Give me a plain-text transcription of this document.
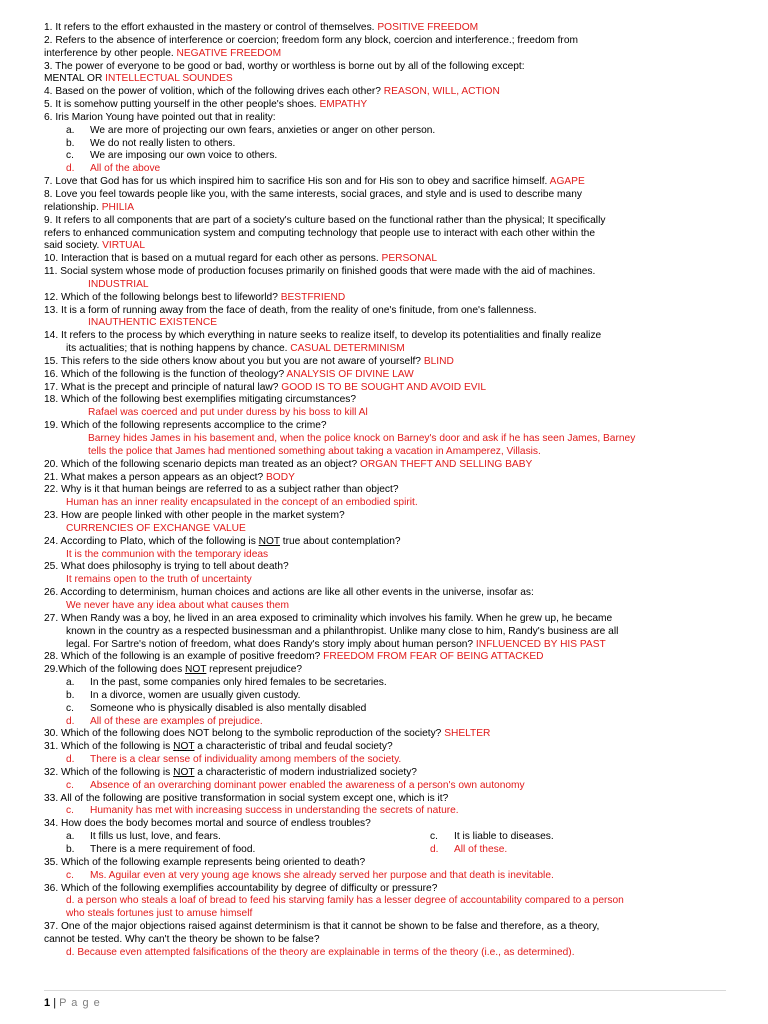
1. It refers to the effort exhausted in the mastery or control of themselves. POSITIVE FREEDOM
2. Refers to the absence of interference or coercion; freedom form any block, coercion and interference.; freedom from
interference by other people. NEGATIVE FREEDOM
3. The power of everyone to be good or bad, worthy or worthless is borne out by all of the following except:
MENTAL OR INTELLECTUAL SOUNDES
4. Based on the power of volition, which of the following drives each other? REASON, WILL, ACTION
5. It is somehow putting yourself in the other people's shoes. EMPATHY
6. Iris Marion Young have pointed out that in reality:
a. We are more of projecting our own fears, anxieties or anger on other person.
b. We do not really listen to others.
c. We are imposing our own voice to others.
d. All of the above
7. Love that God has for us which inspired him to sacrifice His son and for His son to obey and sacrifice himself. AGAPE
8. Love you feel towards people like you, with the same interests, social graces, and style and is used to describe many
relationship. PHILIA
9. It refers to all components that are part of a society's culture based on the functional rather than the physical; It specifically
refers to enhanced communication system and computing technology that people use to interact with each other within the
said society. VIRTUAL
10. Interaction that is based on a mutual regard for each other as persons. PERSONAL
11. Social system whose mode of production focuses primarily on finished goods that were made with the aid of machines.
INDUSTRIAL
12. Which of the following belongs best to lifeworld? BESTFRIEND
13. It is a form of running away from the face of death, from the reality of one's finitude, from one's fallenness.
INAUTHENTIC EXISTENCE
14. It refers to the process by which everything in nature seeks to realize itself, to develop its potentialities and finally realize
its actualities; that is nothing happens by chance. CASUAL DETERMINISM
15. This refers to the side others know about you but you are not aware of yourself? BLIND
16. Which of the following is the function of theology? ANALYSIS OF DIVINE LAW
17. What is the precept and principle of natural law? GOOD IS TO BE SOUGHT AND AVOID EVIL
18. Which of the following best exemplifies mitigating circumstances?
Rafael was coerced and put under duress by his boss to kill Al
19. Which of the following represents accomplice to the crime?
Barney hides James in his basement and, when the police knock on Barney's door and ask if he has seen James, Barney
tells the police that James had mentioned something about taking a vacation in Amamperez, Villasis.
20. Which of the following scenario depicts man treated as an object? ORGAN THEFT AND SELLING BABY
21. What makes a person appears as an object? BODY
22. Why is it that human beings are referred to as a subject rather than object?
Human has an inner reality encapsulated in the concept of an embodied spirit.
23. How are people linked with other people in the market system?
CURRENCIES OF EXCHANGE VALUE
24. According to Plato, which of the following is NOT true about contemplation?
It is the communion with the temporary ideas
25. What does philosophy is trying to tell about death?
It remains open to the truth of uncertainty
26. According to determinism, human choices and actions are like all other events in the universe, insofar as:
We never have any idea about what causes them
27. When Randy was a boy, he lived in an area exposed to criminality which involves his family. When he grew up, he became
known in the country as a respected businessman and a philanthropist. Unlike many close to him, Randy's business are all
legal. For Sartre's notion of freedom, what does Randy's story imply about human person? INFLUENCED BY HIS PAST
28. Which of the following is an example of positive freedom? FREEDOM FROM FEAR OF BEING ATTACKED
29.Which of the following does NOT represent prejudice?
a. In the past, some companies only hired females to be secretaries.
b. In a divorce, women are usually given custody.
c. Someone who is physically disabled is also mentally disabled
d. All of these are examples of prejudice.
30. Which of the following does NOT belong to the symbolic reproduction of the society? SHELTER
31. Which of the following is NOT a characteristic of tribal and feudal society?
d. There is a clear sense of individuality among members of the society.
32. Which of the following is NOT a characteristic of modern industrialized society?
c. Absence of an overarching dominant power enabled the awareness of a person's own autonomy
33. All of the following are positive transformation in social system except one, which is it?
c. Humanity has met with increasing success in understanding the secrets of nature.
34. How does the body becomes mortal and source of endless troubles?
a. It fills us lust, love, and fears.	c. It is liable to diseases.
b. There is a mere requirement of food.	d. All of these.
35. Which of the following example represents being oriented to death?
c. Ms. Aguilar even at very young age knows she already served her purpose and that death is inevitable.
36. Which of the following exemplifies accountability by degree of difficulty or pressure?
d. a person who steals a loaf of bread to feed his starving family has a lesser degree of accountability compared to a person
who steals fortunes just to amuse himself
37. One of the major objections raised against determinism is that it cannot be shown to be false and therefore, as a theory,
cannot be tested. Why can't the theory be shown to be false?
d. Because even attempted falsifications of the theory are explainable in terms of the theory (i.e., as determined).
1 | P a g e
